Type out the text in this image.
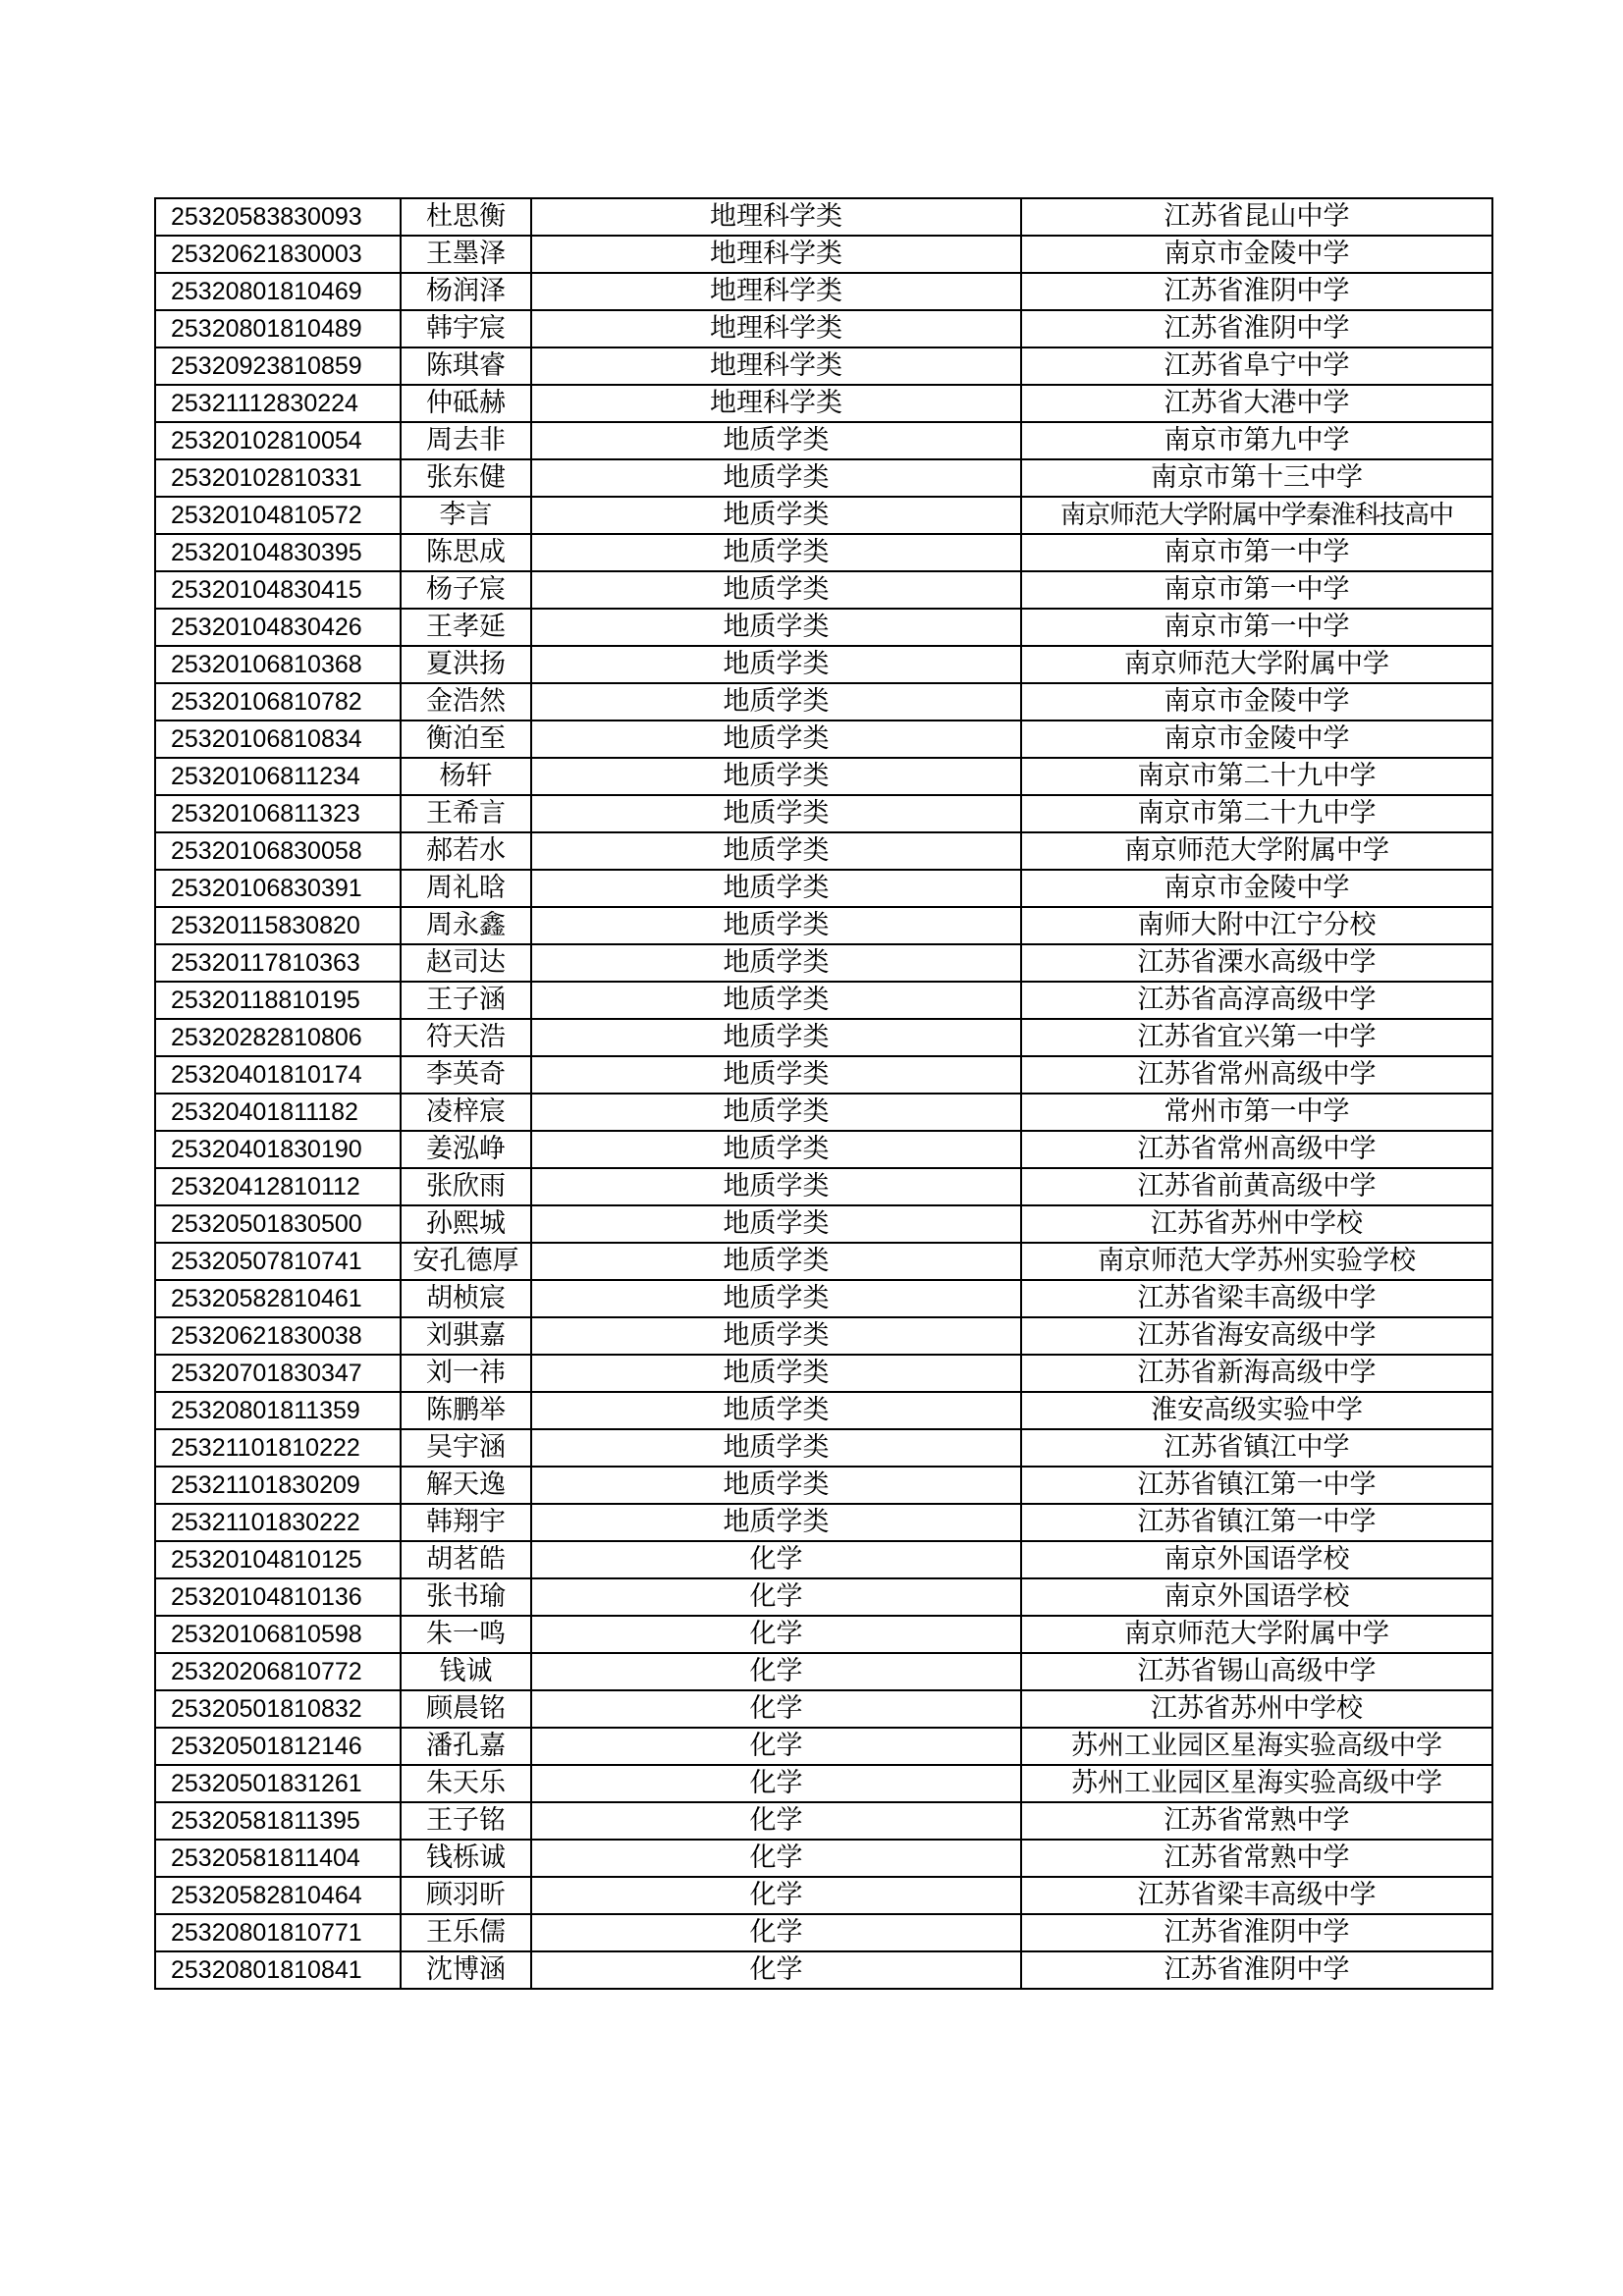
25320583830093	杜思衡	地理科学类	江苏省昆山中学
25320621830003	王墨泽	地理科学类	南京市金陵中学
25320801810469	杨润泽	地理科学类	江苏省淮阴中学
25320801810489	韩宇宸	地理科学类	江苏省淮阴中学
25320923810859	陈琪睿	地理科学类	江苏省阜宁中学
25321112830224	仲砥赫	地理科学类	江苏省大港中学
25320102810054	周去非	地质学类	南京市第九中学
25320102810331	张东健	地质学类	南京市第十三中学
25320104810572	李言	地质学类	南京师范大学附属中学秦淮科技高中
25320104830395	陈思成	地质学类	南京市第一中学
25320104830415	杨子宸	地质学类	南京市第一中学
25320104830426	王孝延	地质学类	南京市第一中学
25320106810368	夏洪扬	地质学类	南京师范大学附属中学
25320106810782	金浩然	地质学类	南京市金陵中学
25320106810834	衡泊至	地质学类	南京市金陵中学
25320106811234	杨轩	地质学类	南京市第二十九中学
25320106811323	王希言	地质学类	南京市第二十九中学
25320106830058	郝若水	地质学类	南京师范大学附属中学
25320106830391	周礼晗	地质学类	南京市金陵中学
25320115830820	周永鑫	地质学类	南师大附中江宁分校
25320117810363	赵司达	地质学类	江苏省溧水高级中学
25320118810195	王子涵	地质学类	江苏省高淳高级中学
25320282810806	符天浩	地质学类	江苏省宜兴第一中学
25320401810174	李英奇	地质学类	江苏省常州高级中学
25320401811182	凌梓宸	地质学类	常州市第一中学
25320401830190	姜泓峥	地质学类	江苏省常州高级中学
25320412810112	张欣雨	地质学类	江苏省前黄高级中学
25320501830500	孙熙城	地质学类	江苏省苏州中学校
25320507810741	安孔德厚	地质学类	南京师范大学苏州实验学校
25320582810461	胡桢宸	地质学类	江苏省梁丰高级中学
25320621830038	刘骐嘉	地质学类	江苏省海安高级中学
25320701830347	刘一祎	地质学类	江苏省新海高级中学
25320801811359	陈鹏举	地质学类	淮安高级实验中学
25321101810222	吴宇涵	地质学类	江苏省镇江中学
25321101830209	解天逸	地质学类	江苏省镇江第一中学
25321101830222	韩翔宇	地质学类	江苏省镇江第一中学
25320104810125	胡茗皓	化学	南京外国语学校
25320104810136	张书瑜	化学	南京外国语学校
25320106810598	朱一鸣	化学	南京师范大学附属中学
25320206810772	钱诚	化学	江苏省锡山高级中学
25320501810832	顾晨铭	化学	江苏省苏州中学校
25320501812146	潘孔嘉	化学	苏州工业园区星海实验高级中学
25320501831261	朱天乐	化学	苏州工业园区星海实验高级中学
25320581811395	王子铭	化学	江苏省常熟中学
25320581811404	钱栎诚	化学	江苏省常熟中学
25320582810464	顾羽昕	化学	江苏省梁丰高级中学
25320801810771	王乐儒	化学	江苏省淮阴中学
25320801810841	沈博涵	化学	江苏省淮阴中学
